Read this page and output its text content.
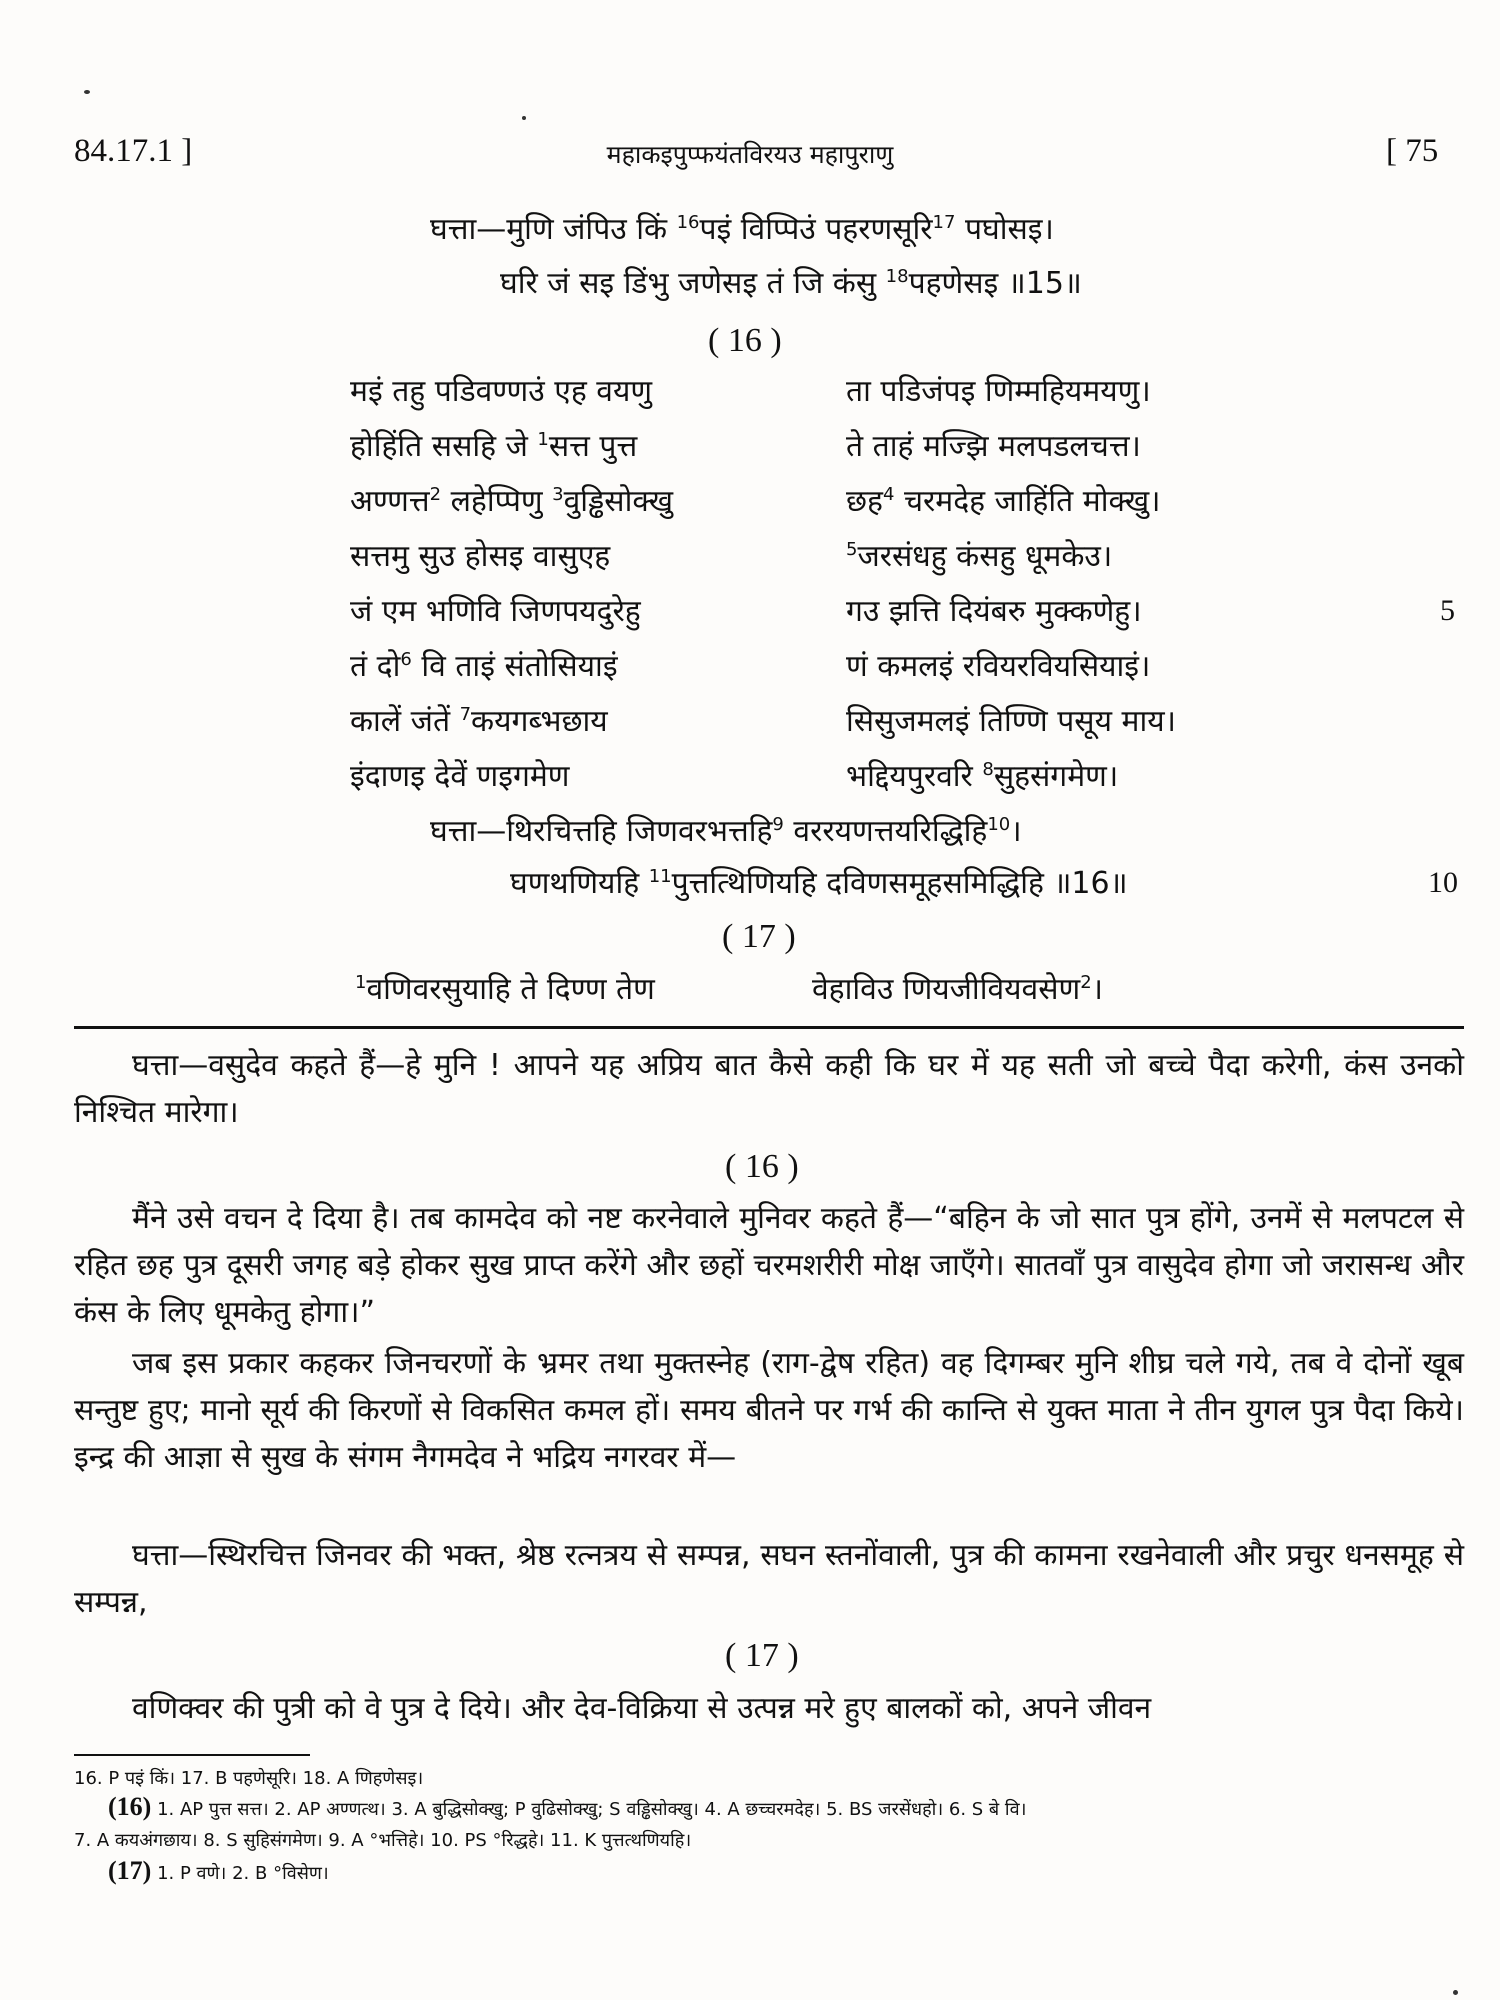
84.17.1 ]	महाकइपुप्फयंतविरयउ महापुराणु	[ 75
घत्ता—मुणि जंपिउ किं $^{16}$पइं विप्पिउं पहरणसूरि$^{17}$ पघोसइ।
घरि जं सइ डिंभु जणेसइ तं जि कंसु $^{18}$पहणेसइ ॥15॥
( 16 )
मइं तहु पडिवण्णउं एह वयणु	ता पडिजंपइ णिम्महियमयणु।
होहिंति ससहि जे $^1$सत्त पुत्त	ते ताहं मज्झि मलपडलचत्त।
अण्णत्त$^2$ लहेप्पिणु $^3$वुड्ढिसोक्खु	छह$^4$ चरमदेह जाहिंति मोक्खु।
सत्तमु सुउ होसइ वासुएह	$^5$जरसंधहु कंसहु धूमकेउ।
जं एम भणिवि जिणपयदुरेहु	गउ झत्ति दियंबरु मुक्कणेहु।	5
तं दो$^6$ वि ताइं संतोसियाइं	णं कमलइं रवियरवियसियाइं।
कालें जंतें $^7$कयगब्भछाय	सिसुजमलइं तिण्णि पसूय माय।
इंदाणइ देवें णइगमेण	भद्दियपुरवरि $^8$सुहसंगमेण।
घत्ता—थिरचित्तहि जिणवरभत्तहि$^9$ वररयणत्तयरिद्धिहि$^{10}$।
घणथणियहि $^{11}$पुत्तत्थिणियहि दविणसमूहसमिद्धिहि ॥16॥	10
( 17 )
$^1$वणिवरसुयाहि ते दिण्ण तेण	वेहाविउ णियजीवियवसेण$^2$।
घत्ता—वसुदेव कहते हैं—हे मुनि ! आपने यह अप्रिय बात कैसे कही कि घर में यह सती जो बच्चे पैदा करेगी, कंस उनको निश्चित मारेगा।
( 16 )
मैंने उसे वचन दे दिया है। तब कामदेव को नष्ट करनेवाले मुनिवर कहते हैं—“बहिन के जो सात पुत्र होंगे, उनमें से मलपटल से रहित छह पुत्र दूसरी जगह बड़े होकर सुख प्राप्त करेंगे और छहों चरमशरीरी मोक्ष जाएँगे। सातवाँ पुत्र वासुदेव होगा जो जरासन्ध और कंस के लिए धूमकेतु होगा।”
जब इस प्रकार कहकर जिनचरणों के भ्रमर तथा मुक्तस्नेह (राग-द्वेष रहित) वह दिगम्बर मुनि शीघ्र चले गये, तब वे दोनों खूब सन्तुष्ट हुए; मानो सूर्य की किरणों से विकसित कमल हों। समय बीतने पर गर्भ की कान्ति से युक्त माता ने तीन युगल पुत्र पैदा किये। इन्द्र की आज्ञा से सुख के संगम नैगमदेव ने भद्रिय नगरवर में—
घत्ता—स्थिरचित्त जिनवर की भक्त, श्रेष्ठ रत्नत्रय से सम्पन्न, सघन स्तनोंवाली, पुत्र की कामना रखनेवाली और प्रचुर धनसमूह से सम्पन्न,
( 17 )
वणिक्वर की पुत्री को वे पुत्र दे दिये। और देव-विक्रिया से उत्पन्न मरे हुए बालकों को, अपने जीवन
16. P पइं किं। 17. B पहणेसूरि। 18. A णिहणेसइ।
(16) 1. AP पुत्त सत्त। 2. AP अण्णत्थ। 3. A बुद्धिसोक्खु; P वुढिसोक्खु; S वड्ढिसोक्खु। 4. A छच्चरमदेह। 5. BS जरसेंधहो। 6. S बे वि।
7. A कयअंगछाय। 8. S सुहिसंगमेण। 9. A °भत्तिहे। 10. PS °रिद्धहे। 11. K पुत्तत्थणियहि।
(17) 1. P वणे। 2. B °विसेण।
